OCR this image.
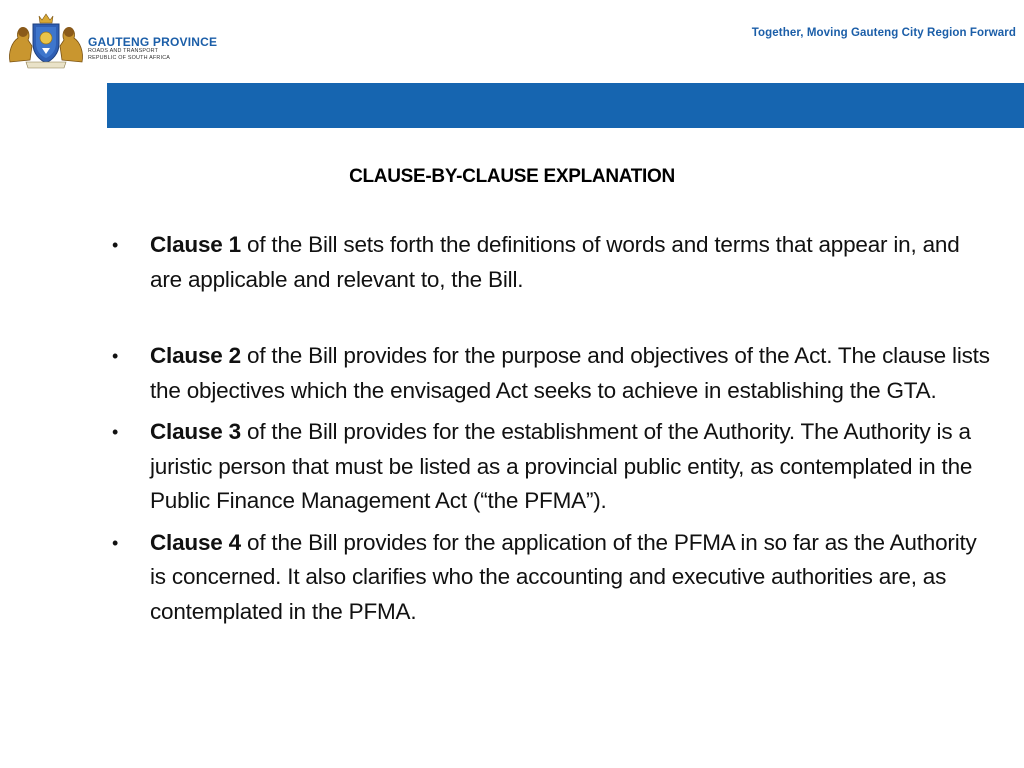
GAUTENG PROVINCE
ROADS AND TRANSPORT
REPUBLIC OF SOUTH AFRICA
Together, Moving Gauteng City Region Forward
CLAUSE-BY-CLAUSE EXPLANATION
• Clause 1 of the Bill sets forth the definitions of words and terms that appear in, and are applicable and relevant to, the Bill.
• Clause 2 of the Bill provides for the purpose and objectives of the Act. The clause lists the objectives which the envisaged Act seeks to achieve in establishing the GTA.
• Clause 3 of the Bill provides for the establishment of the Authority. The Authority is a juristic person that must be listed as a provincial public entity, as contemplated in the Public Finance Management Act (“the PFMA”).
• Clause 4 of the Bill provides for the application of the PFMA in so far as the Authority is concerned. It also clarifies who the accounting and executive authorities are, as contemplated in the PFMA.
